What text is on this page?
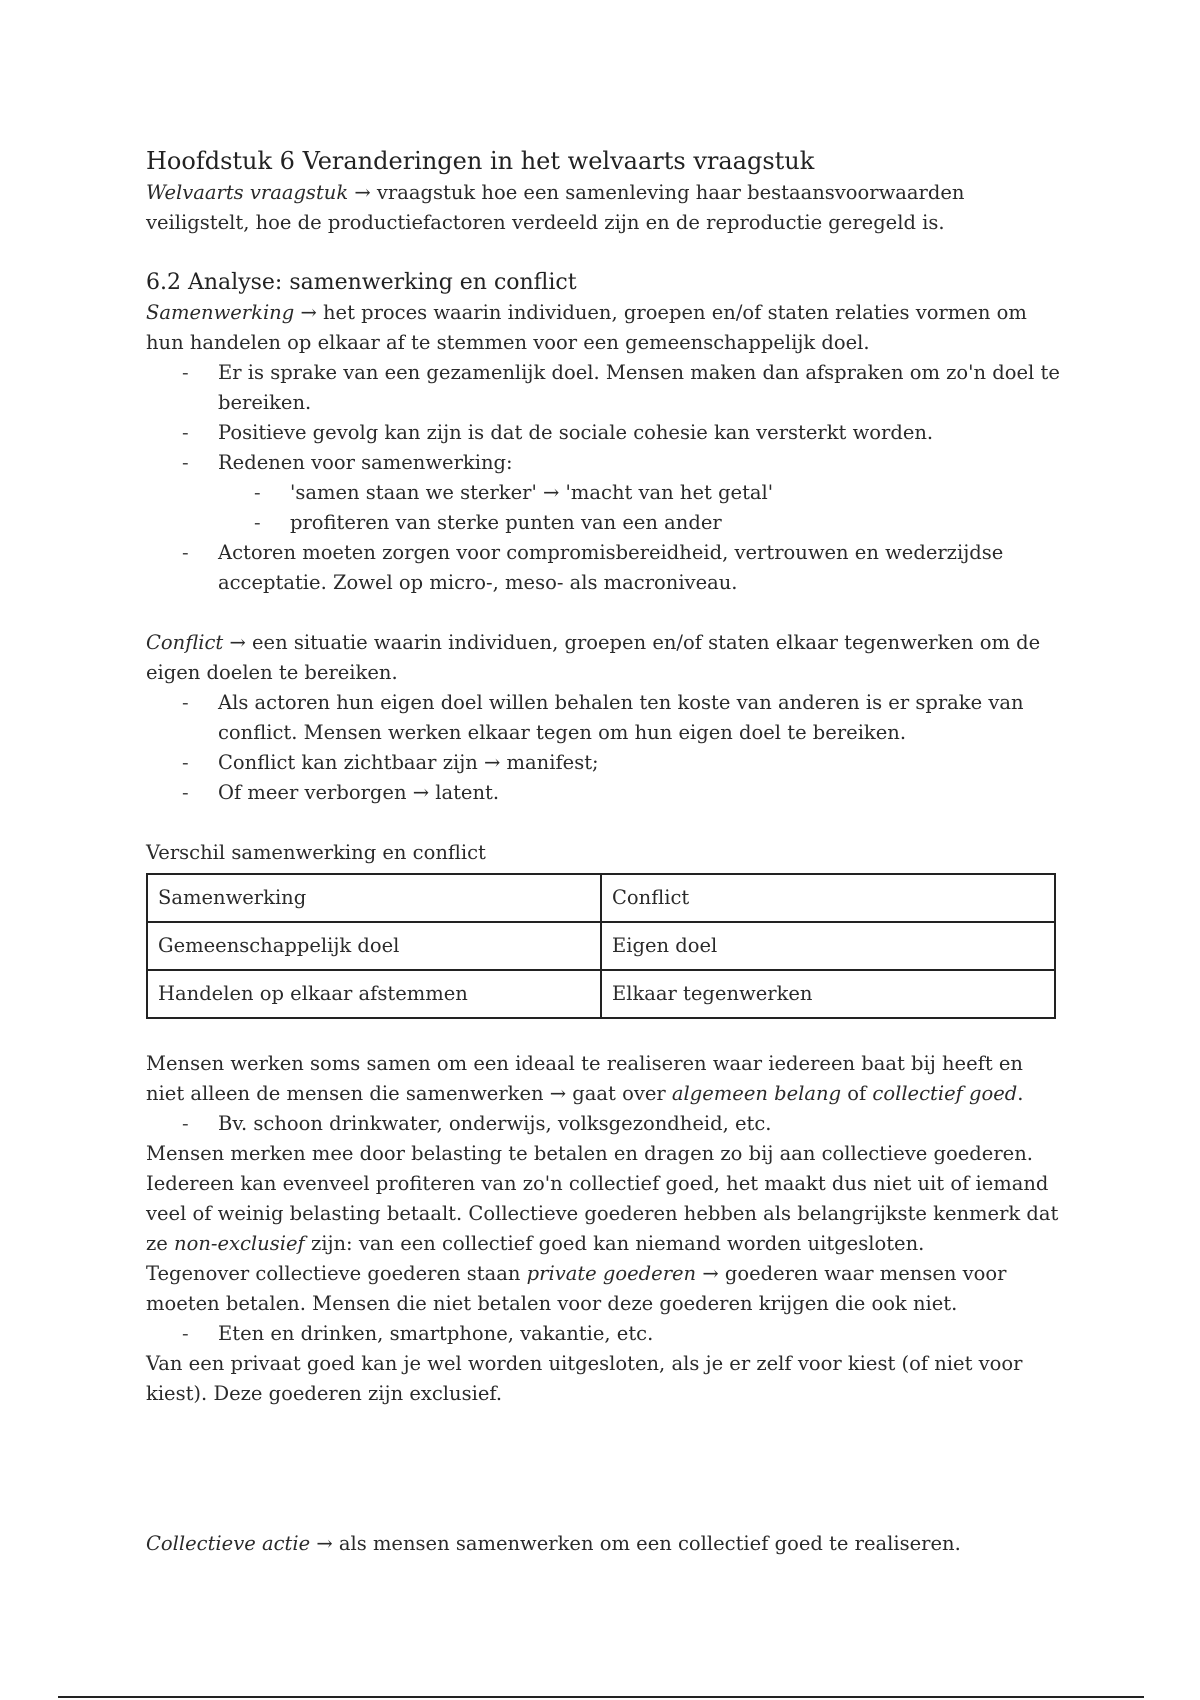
Hoofdstuk 6 Veranderingen in het welvaarts vraagstuk

Welvaarts vraagstuk → vraagstuk hoe een samenleving haar bestaansvoorwaarden veiligstelt, hoe de productiefactoren verdeeld zijn en de reproductie geregeld is.

6.2 Analyse: samenwerking en conflict

Samenwerking → het proces waarin individuen, groepen en/of staten relaties vormen om hun handelen op elkaar af te stemmen voor een gemeenschappelijk doel.

- Er is sprake van een gezamenlijk doel. Mensen maken dan afspraken om zo'n doel te bereiken.
- Positieve gevolg kan zijn is dat de sociale cohesie kan versterkt worden.
- Redenen voor samenwerking:
- 'samen staan we sterker' → 'macht van het getal'
- profiteren van sterke punten van een ander
- Actoren moeten zorgen voor compromisbereidheid, vertrouwen en wederzijdse acceptatie. Zowel op micro-, meso- als macroniveau.

Conflict → een situatie waarin individuen, groepen en/of staten elkaar tegenwerken om de eigen doelen te bereiken.

- Als actoren hun eigen doel willen behalen ten koste van anderen is er sprake van conflict. Mensen werken elkaar tegen om hun eigen doel te bereiken.
- Conflict kan zichtbaar zijn → manifest;
- Of meer verborgen → latent.

Verschil samenwerking en conflict

Samenwerking	Conflict
Gemeenschappelijk doel	Eigen doel
Handelen op elkaar afstemmen	Elkaar tegenwerken

Mensen werken soms samen om een ideaal te realiseren waar iedereen baat bij heeft en niet alleen de mensen die samenwerken → gaat over algemeen belang of collectief goed.

- Bv. schoon drinkwater, onderwijs, volksgezondheid, etc.

Mensen merken mee door belasting te betalen en dragen zo bij aan collectieve goederen. Iedereen kan evenveel profiteren van zo'n collectief goed, het maakt dus niet uit of iemand veel of weinig belasting betaalt. Collectieve goederen hebben als belangrijkste kenmerk dat ze non-exclusief zijn: van een collectief goed kan niemand worden uitgesloten.

Tegenover collectieve goederen staan private goederen → goederen waar mensen voor moeten betalen. Mensen die niet betalen voor deze goederen krijgen die ook niet.

- Eten en drinken, smartphone, vakantie, etc.

Van een privaat goed kan je wel worden uitgesloten, als je er zelf voor kiest (of niet voor kiest). Deze goederen zijn exclusief.

Collectieve actie → als mensen samenwerken om een collectief goed te realiseren.
